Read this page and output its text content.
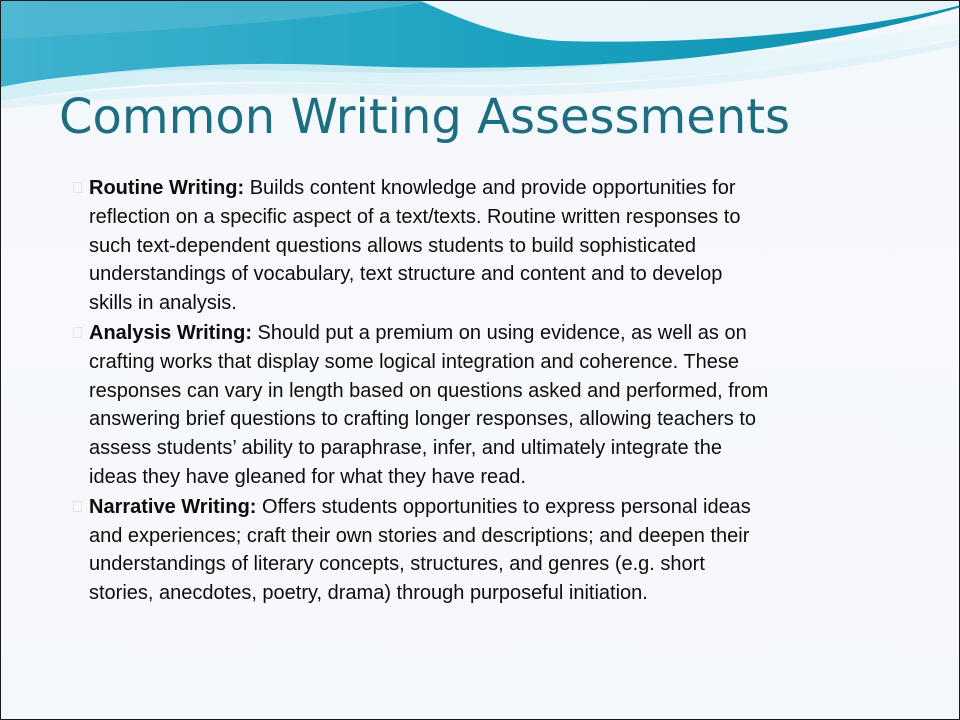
Common Writing Assessments
Routine Writing: Builds content knowledge and provide opportunities for
reflection on a specific aspect of a text/texts. Routine written responses to
such text-dependent questions allows students to build sophisticated
understandings of vocabulary, text structure and content and to develop
skills in analysis.
Analysis Writing: Should put a premium on using evidence, as well as on
crafting works that display some logical integration and coherence. These
responses can vary in length based on questions asked and performed, from
answering brief questions to crafting longer responses, allowing teachers to
assess students’ ability to paraphrase, infer, and ultimately integrate the
ideas they have gleaned for what they have read.
Narrative Writing: Offers students opportunities to express personal ideas
and experiences; craft their own stories and descriptions; and deepen their
understandings of literary concepts, structures, and genres (e.g. short
stories, anecdotes, poetry, drama) through purposeful initiation.
